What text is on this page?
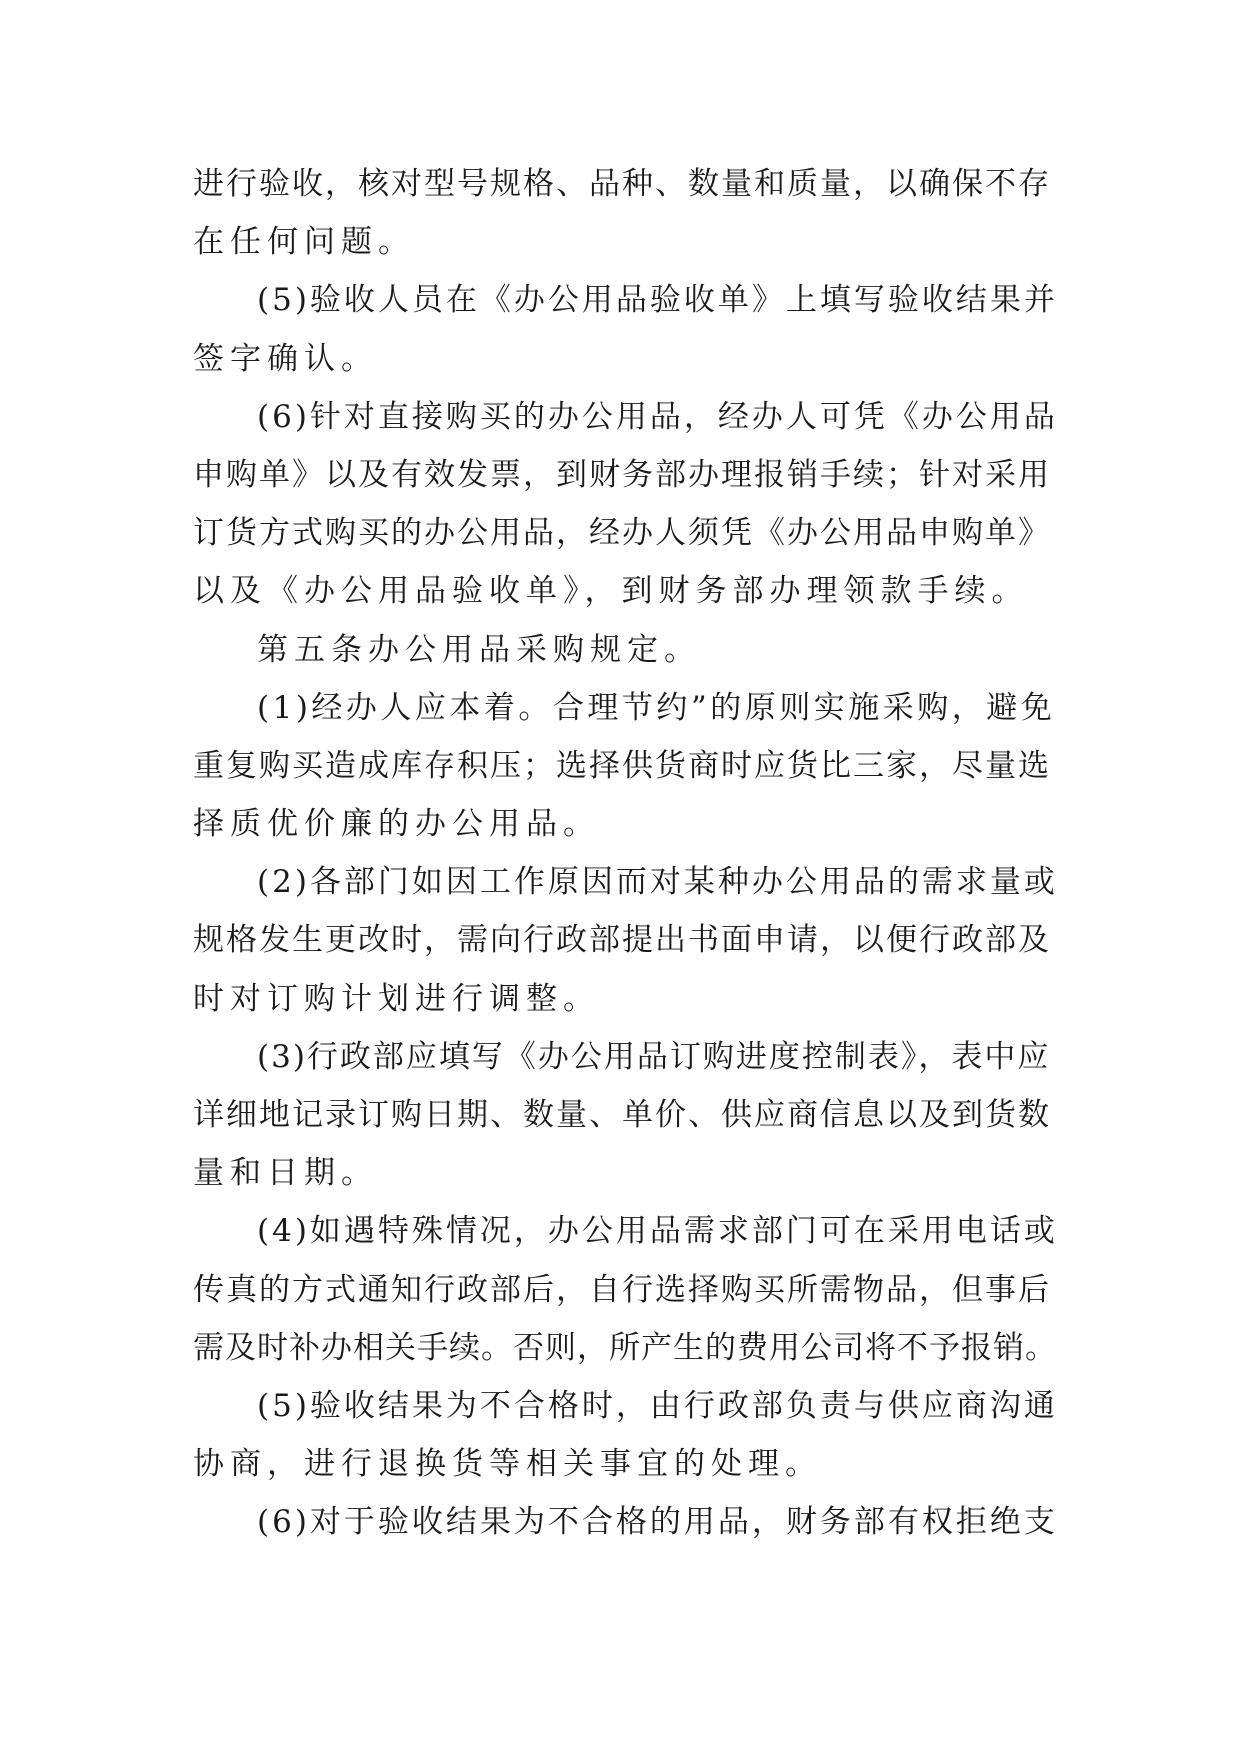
进行验收，核对型号规格、品种、数量和质量，以确保不存
在任何问题。
(5)验收人员在《办公用品验收单》上填写验收结果并
签字确认。
(6)针对直接购买的办公用品，经办人可凭《办公用品
申购单》以及有效发票，到财务部办理报销手续；针对采用
订货方式购买的办公用品，经办人须凭《办公用品申购单》
以及《办公用品验收单》，到财务部办理领款手续。
第五条办公用品采购规定。
(1)经办人应本着。合理节约”的原则实施采购，避免
重复购买造成库存积压；选择供货商时应货比三家，尽量选
择质优价廉的办公用品。
(2)各部门如因工作原因而对某种办公用品的需求量或
规格发生更改时，需向行政部提出书面申请，以便行政部及
时对订购计划进行调整。
(3)行政部应填写《办公用品订购进度控制表》，表中应
详细地记录订购日期、数量、单价、供应商信息以及到货数
量和日期。
(4)如遇特殊情况，办公用品需求部门可在采用电话或
传真的方式通知行政部后，自行选择购买所需物品，但事后
需及时补办相关手续。否则，所产生的费用公司将不予报销。
(5)验收结果为不合格时，由行政部负责与供应商沟通
协商，进行退换货等相关事宜的处理。
(6)对于验收结果为不合格的用品，财务部有权拒绝支
